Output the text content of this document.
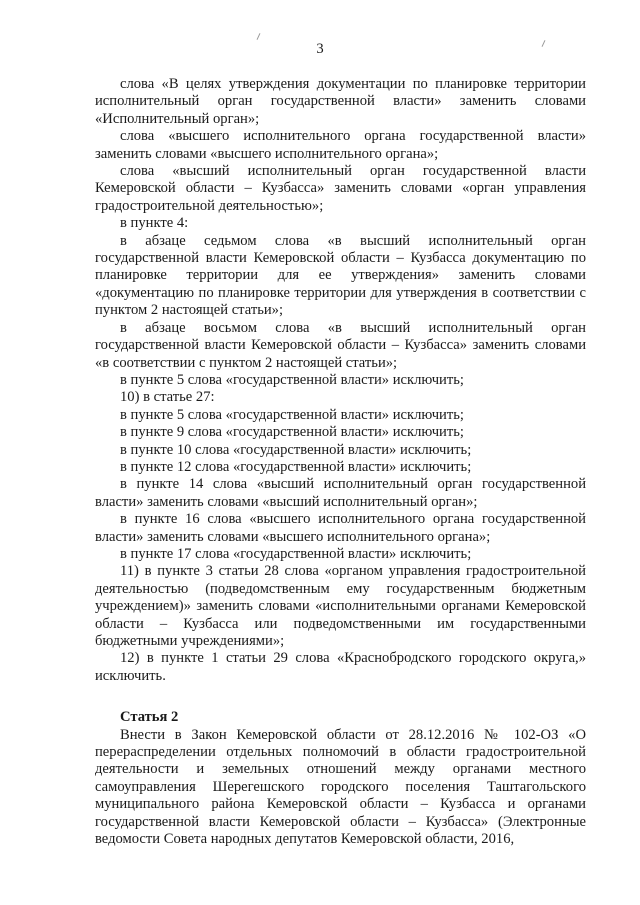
3

слова «В целях утверждения документации по планировке территории исполнительный орган государственной власти» заменить словами «Исполнительный орган»;

слова «высшего исполнительного органа государственной власти» заменить словами «высшего исполнительного органа»;

слова «высший исполнительный орган государственной власти Кемеровской области – Кузбасса» заменить словами «орган управления градостроительной деятельностью»;

в пункте 4:

в абзаце седьмом слова «в высший исполнительный орган государственной власти Кемеровской области – Кузбасса документацию по планировке территории для ее утверждения» заменить словами «документацию по планировке территории для утверждения в соответствии с пунктом 2 настоящей статьи»;

в абзаце восьмом слова «в высший исполнительный орган государственной власти Кемеровской области – Кузбасса» заменить словами «в соответствии с пунктом 2 настоящей статьи»;

в пункте 5 слова «государственной власти» исключить;

10) в статье 27:

в пункте 5 слова «государственной власти» исключить;

в пункте 9 слова «государственной власти» исключить;

в пункте 10 слова «государственной власти» исключить;

в пункте 12 слова «государственной власти» исключить;

в пункте 14 слова «высший исполнительный орган государственной власти» заменить словами «высший исполнительный орган»;

в пункте 16 слова «высшего исполнительного органа государственной власти» заменить словами «высшего исполнительного органа»;

в пункте 17 слова «государственной власти» исключить;

11) в пункте 3 статьи 28 слова «органом управления градостроительной деятельностью (подведомственным ему государственным бюджетным учреждением)» заменить словами «исполнительными органами Кемеровской области – Кузбасса или подведомственными им государственными бюджетными учреждениями»;

12) в пункте 1 статьи 29 слова «Краснобродского городского округа,» исключить.

Статья 2

Внести в Закон Кемеровской области от 28.12.2016 № 102-ОЗ «О перераспределении отдельных полномочий в области градостроительной деятельности и земельных отношений между органами местного самоуправления Шерегешского городского поселения Таштагольского муниципального района Кемеровской области – Кузбасса и органами государственной власти Кемеровской области – Кузбасса» (Электронные ведомости Совета народных депутатов Кемеровской области, 2016,
